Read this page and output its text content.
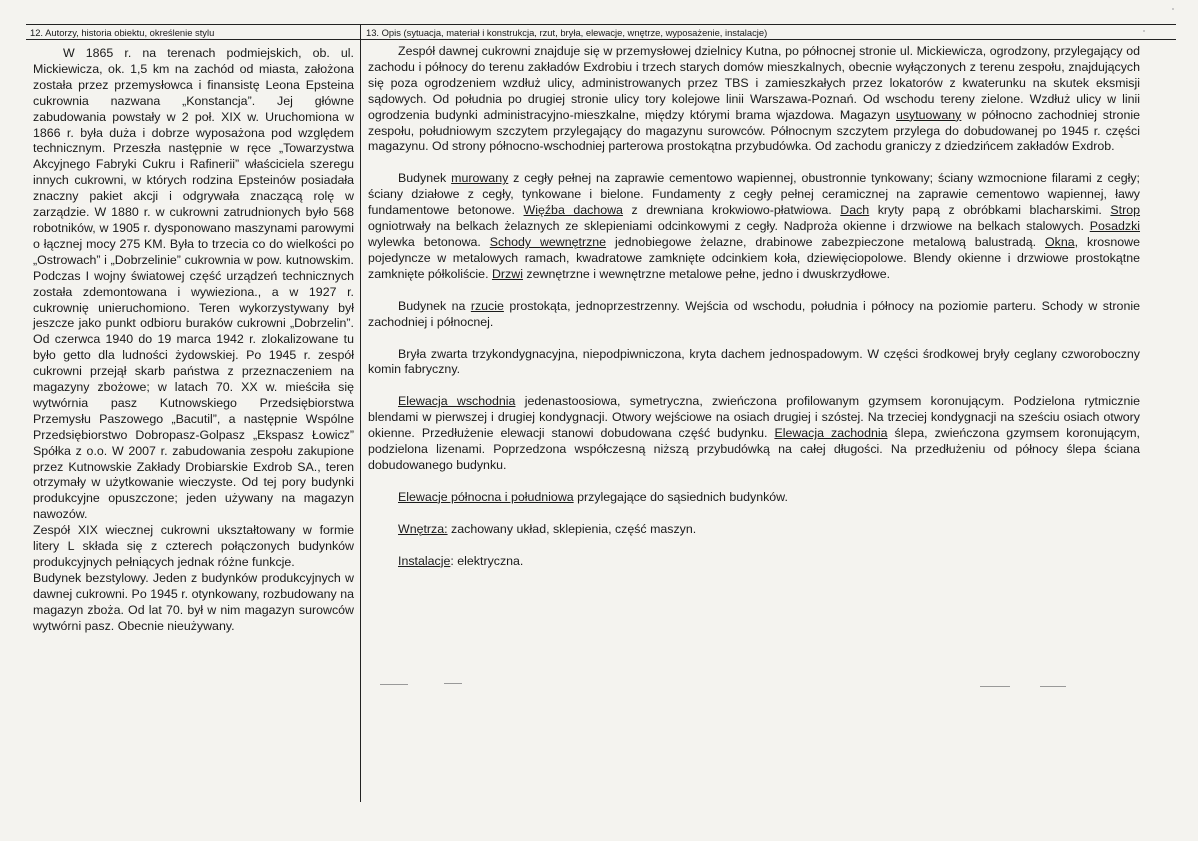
12. Autorzy, historia obiektu, określenie stylu	13. Opis (sytuacja, materiał i konstrukcja, rzut, bryła, elewacje, wnętrze, wyposażenie, instalacje)

W 1865 r. na terenach podmiejskich, ob. ul. Mickiewicza, ok. 1,5 km na zachód od miasta, założona została przez przemysłowca i finansistę Leona Epsteina cukrownia nazwana „Konstancja”. Jej główne zabudowania powstały w 2 poł. XIX w. Uruchomiona w 1866 r. była duża i dobrze wyposażona pod względem technicznym. Przeszła następnie w ręce „Towarzystwa Akcyjnego Fabryki Cukru i Rafinerii” właściciela szeregu innych cukrowni, w których rodzina Epsteinów posiadała znaczny pakiet akcji i odgrywała znaczącą rolę w zarządzie. W 1880 r. w cukrowni zatrudnionych było 568 robotników, w 1905 r. dysponowano maszynami parowymi o łącznej mocy 275 KM. Była to trzecia co do wielkości po „Ostrowach” i „Dobrzelinie” cukrownia w pow. kutnowskim. Podczas I wojny światowej część urządzeń technicznych została zdemontowana i wywieziona., a w 1927 r. cukrownię unieruchomiono. Teren wykorzystywany był jeszcze jako punkt odbioru buraków cukrowni „Dobrzelin”. Od czerwca 1940 do 19 marca 1942 r. zlokalizowane tu było getto dla ludności żydowskiej. Po 1945 r. zespół cukrowni przejął skarb państwa z przeznaczeniem na magazyny zbożowe; w latach 70. XX w. mieściła się wytwórnia pasz Kutnowskiego Przedsiębiorstwa Przemysłu Paszowego „Bacutil”, a następnie Wspólne Przedsiębiorstwo Dobropasz-Golpasz „Ekspasz Łowicz” Spółka z o.o. W 2007 r. zabudowania zespołu zakupione przez Kutnowskie Zakłady Drobiarskie Exdrob SA., teren otrzymały w użytkowanie wieczyste. Od tej pory budynki produkcyjne opuszczone; jeden używany na magazyn nawozów.

Zespół XIX wiecznej cukrowni ukształtowany w formie litery L składa się z czterech połączonych budynków produkcyjnych pełniących jednak różne funkcje.

Budynek bezstylowy. Jeden z budynków produkcyjnych w dawnej cukrowni. Po 1945 r. otynkowany, rozbudowany na magazyn zboża. Od lat 70. był w nim magazyn surowców wytwórni pasz. Obecnie nieużywany.

Zespół dawnej cukrowni znajduje się w przemysłowej dzielnicy Kutna, po północnej stronie ul. Mickiewicza, ogrodzony, przylegający od zachodu i północy do terenu zakładów Exdrobiu i trzech starych domów mieszkalnych, obecnie wyłączonych z terenu zespołu, znajdujących się poza ogrodzeniem wzdłuż ulicy, administrowanych przez TBS i zamieszkałych przez lokatorów z kwaterunku na skutek eksmisji sądowych. Od południa po drugiej stronie ulicy tory kolejowe linii Warszawa-Poznań. Od wschodu tereny zielone. Wzdłuż ulicy w linii ogrodzenia budynki administracyjno-mieszkalne, między którymi brama wjazdowa. Magazyn usytuowany w północno zachodniej stronie zespołu, południowym szczytem przylegający do magazynu surowców. Północnym szczytem przylega do dobudowanej po 1945 r. części magazynu. Od strony północno-wschodniej parterowa prostokątna przybudówka. Od zachodu graniczy z dziedzińcem zakładów Exdrob.

Budynek murowany z cegły pełnej na zaprawie cementowo wapiennej, obustronnie tynkowany; ściany wzmocnione filarami z cegły; ściany działowe z cegły, tynkowane i bielone. Fundamenty z cegły pełnej ceramicznej na zaprawie cementowo wapiennej, ławy fundamentowe betonowe. Więźba dachowa z drewniana krokwiowo-płatwiowa. Dach kryty papą z obróbkami blacharskimi. Strop ogniotrwały na belkach żelaznych ze sklepieniami odcinkowymi z cegły. Nadproża okienne i drzwiowe na belkach stalowych. Posadzki wylewka betonowa. Schody wewnętrzne jednobiegowe żelazne, drabinowe zabezpieczone metalową balustradą. Okna, krosnowe pojedyncze w metalowych ramach, kwadratowe zamknięte odcinkiem koła, dziewięciopolowe. Blendy okienne i drzwiowe prostokątne zamknięte półkoliście. Drzwi zewnętrzne i wewnętrzne metalowe pełne, jedno i dwuskrzydłowe.

Budynek na rzucie prostokąta, jednoprzestrzenny. Wejścia od wschodu, południa i północy na poziomie parteru. Schody w stronie zachodniej i północnej.

Bryła zwarta trzykondygnacyjna, niepodpiwniczona, kryta dachem jednospadowym. W części środkowej bryły ceglany czworoboczny komin fabryczny.

Elewacja wschodnia jedenastoosiowa, symetryczna, zwieńczona profilowanym gzymsem koronującym. Podzielona rytmicznie blendami w pierwszej i drugiej kondygnacji. Otwory wejściowe na osiach drugiej i szóstej. Na trzeciej kondygnacji na sześciu osiach otwory okienne. Przedłużenie elewacji stanowi dobudowana część budynku. Elewacja zachodnia ślepa, zwieńczona gzymsem koronującym, podzielona lizenami. Poprzedzona współczesną niższą przybudówką na całej długości. Na przedłużeniu od północy ślepa ściana dobudowanego budynku.

Elewacje północna i południowa przylegające do sąsiednich budynków.

Wnętrza: zachowany układ, sklepienia, część maszyn.

Instalacje: elektryczna.
